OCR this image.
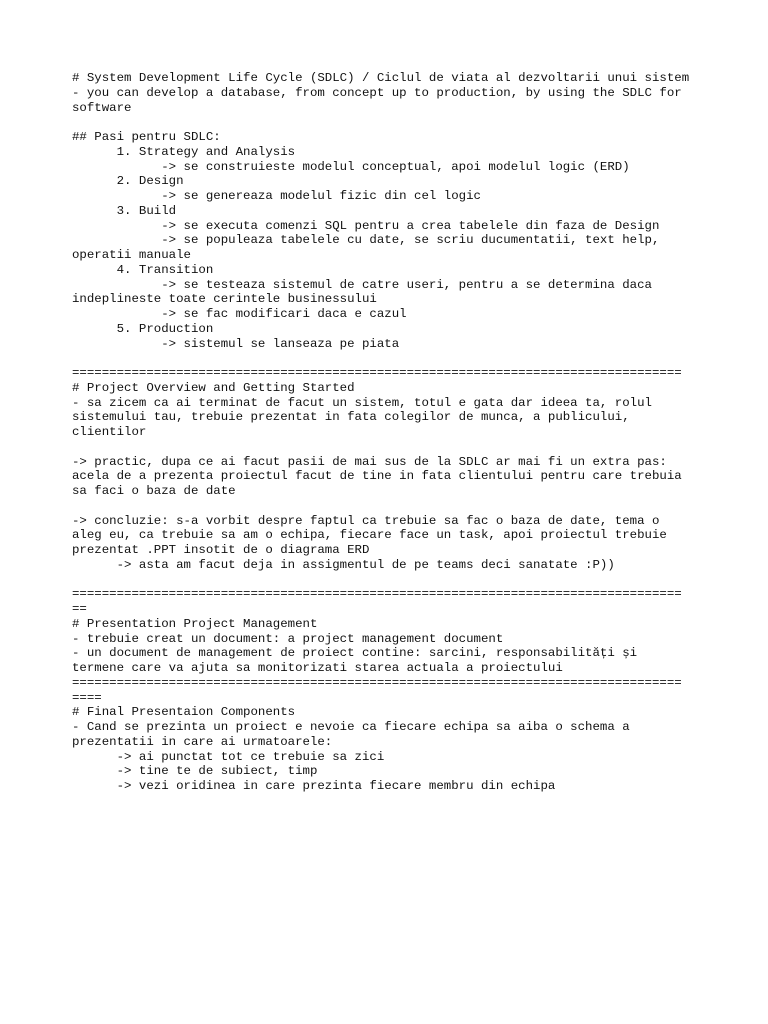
# System Development Life Cycle (SDLC) / Ciclul de viata al dezvoltarii unui sistem
- you can develop a database, from concept up to production, by using the SDLC for
software
## Pasi pentru SDLC:
1. Strategy and Analysis
-> se construieste modelul conceptual, apoi modelul logic (ERD)
2. Design
-> se genereaza modelul fizic din cel logic
3. Build
-> se executa comenzi SQL pentru a crea tabelele din faza de Design
-> se populeaza tabelele cu date, se scriu ducumentatii, text help,
operatii manuale
4. Transition
-> se testeaza sistemul de catre useri, pentru a se determina daca
indeplineste toate cerintele businessului
-> se fac modificari daca e cazul
5. Production
-> sistemul se lanseaza pe piata
==================================================================================
# Project Overview and Getting Started
- sa zicem ca ai terminat de facut un sistem, totul e gata dar ideea ta, rolul
sistemului tau, trebuie prezentat in fata colegilor de munca, a publicului,
clientilor
-> practic, dupa ce ai facut pasii de mai sus de la SDLC ar mai fi un extra pas:
acela de a prezenta proiectul facut de tine in fata clientului pentru care trebuia
sa faci o baza de date
-> concluzie: s-a vorbit despre faptul ca trebuie sa fac o baza de date, tema o
aleg eu, ca trebuie sa am o echipa, fiecare face un task, apoi proiectul trebuie
prezentat .PPT insotit de o diagrama ERD
-> asta am facut deja in assigmentul de pe teams deci sanatate :P))
==================================================================================
==
# Presentation Project Management
- trebuie creat un document: a project management document
- un document de management de proiect contine: sarcini, responsabilități și
termene care va ajuta sa monitorizati starea actuala a proiectului
==================================================================================
====
# Final Presentaion Components
- Cand se prezinta un proiect e nevoie ca fiecare echipa sa aiba o schema a
prezentatii in care ai urmatoarele:
-> ai punctat tot ce trebuie sa zici
-> tine te de subiect, timp
-> vezi oridinea in care prezinta fiecare membru din echipa
